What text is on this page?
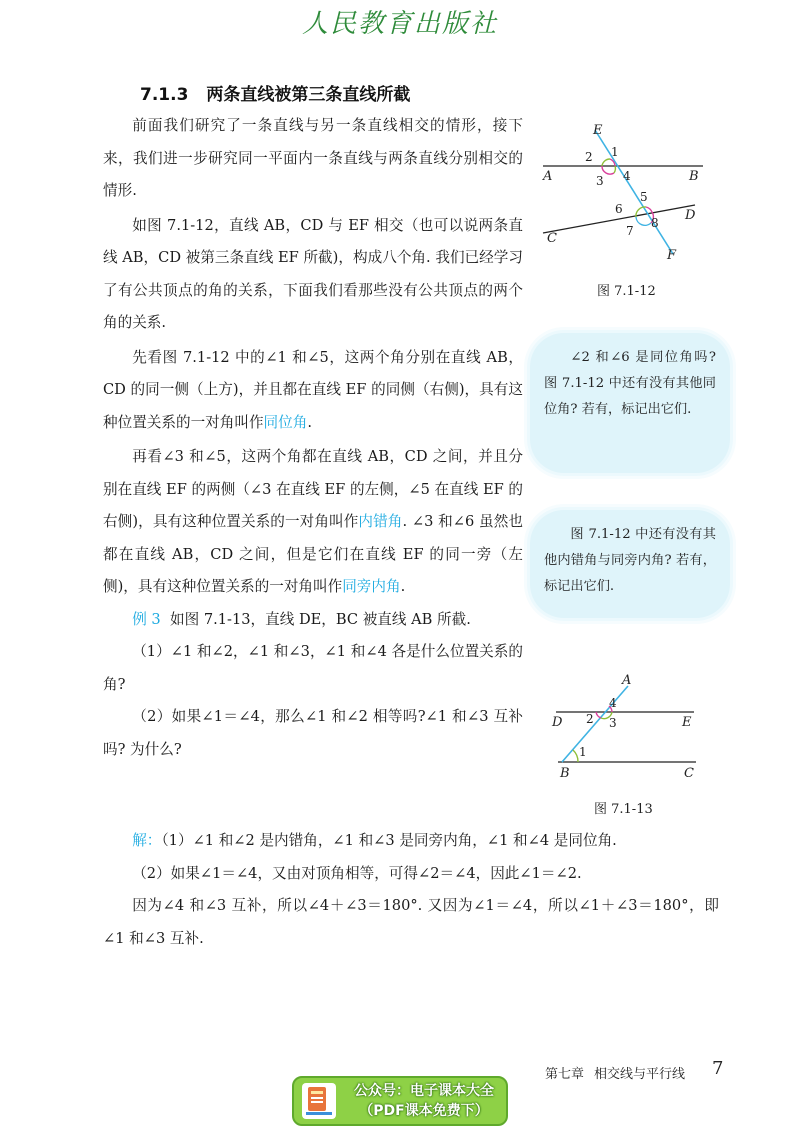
人民教育出版社
7.1.3 两条直线被第三条直线所截

前面我们研究了一条直线与另一条直线相交的情形，接下来，我们进一步研究同一平面内一条直线与两条直线分别相交的情形.

如图 7.1-12，直线 AB，CD 与 EF 相交（也可以说两条直线 AB，CD 被第三条直线 EF 所截)，构成八个角. 我们已经学习了有公共顶点的角的关系，下面我们看那些没有公共顶点的两个角的关系.

先看图 7.1-12 中的∠1 和∠5，这两个角分别在直线 AB，CD 的同一侧（上方)，并且都在直线 EF 的同侧（右侧)，具有这种位置关系的一对角叫作同位角.

再看∠3 和∠5，这两个角都在直线 AB，CD 之间，并且分别在直线 EF 的两侧（∠3 在直线 EF 的左侧，∠5 在直线 EF 的右侧)，具有这种位置关系的一对角叫作内错角. ∠3 和∠6 虽然也都在直线 AB，CD 之间，但是它们在直线 EF 的同一旁（左侧)，具有这种位置关系的一对角叫作同旁内角.

例 3 如图 7.1-13，直线 DE，BC 被直线 AB 所截.

（1）∠1 和∠2，∠1 和∠3，∠1 和∠4 各是什么位置关系的角?

（2）如果∠1＝∠4，那么∠1 和∠2 相等吗?∠1 和∠3 互补吗? 为什么?

解：（1）∠1 和∠2 是内错角，∠1 和∠3 是同旁内角，∠1 和∠4 是同位角.

（2）如果∠1＝∠4，又由对顶角相等，可得∠2＝∠4，因此∠1＝∠2.

因为∠4 和∠3 互补，所以∠4＋∠3＝180°. 又因为∠1＝∠4，所以∠1＋∠3＝180°，即∠1 和∠3 互补.

E
A	B
C
D
F
1
2
3 4
5
6
7
8
图 7.1-12

∠2 和∠6 是同位角吗? 图 7.1-12 中还有没有其他同位角? 若有，标记出它们.

图 7.1-12 中还有没有其他内错角与同旁内角? 若有，标记出它们.

A
D	E
B	C
1
2 3
4
图 7.1-13
第七章 相交线与平行线 7
公众号：电子课本大全
（PDF课本免费下）
